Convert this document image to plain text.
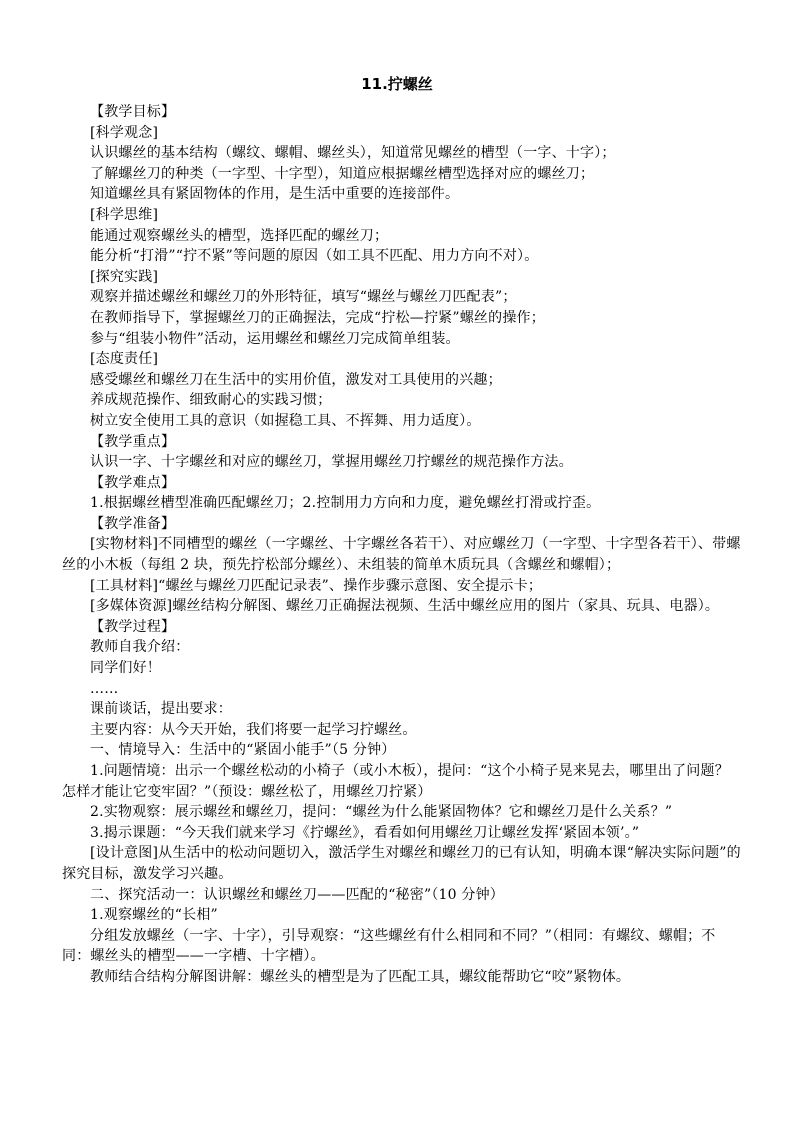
11.拧螺丝

【教学目标】

[科学观念]

认识螺丝的基本结构（螺纹、螺帽、螺丝头），知道常见螺丝的槽型（一字、十字）；

了解螺丝刀的种类（一字型、十字型），知道应根据螺丝槽型选择对应的螺丝刀；

知道螺丝具有紧固物体的作用，是生活中重要的连接部件。

[科学思维]

能通过观察螺丝头的槽型，选择匹配的螺丝刀；

能分析“打滑”“拧不紧”等问题的原因（如工具不匹配、用力方向不对）。

[探究实践]

观察并描述螺丝和螺丝刀的外形特征，填写“螺丝与螺丝刀匹配表”；

在教师指导下，掌握螺丝刀的正确握法，完成“拧松—拧紧”螺丝的操作；

参与“组装小物件”活动，运用螺丝和螺丝刀完成简单组装。

[态度责任]

感受螺丝和螺丝刀在生活中的实用价值，激发对工具使用的兴趣；

养成规范操作、细致耐心的实践习惯；

树立安全使用工具的意识（如握稳工具、不挥舞、用力适度）。

【教学重点】

认识一字、十字螺丝和对应的螺丝刀，掌握用螺丝刀拧螺丝的规范操作方法。

【教学难点】

1.根据螺丝槽型准确匹配螺丝刀；2.控制用力方向和力度，避免螺丝打滑或拧歪。

【教学准备】

[实物材料]不同槽型的螺丝（一字螺丝、十字螺丝各若干）、对应螺丝刀（一字型、十字型各若干）、带螺丝的小木板（每组 2 块，预先拧松部分螺丝）、未组装的简单木质玩具（含螺丝和螺帽）；

[工具材料]“螺丝与螺丝刀匹配记录表”、操作步骤示意图、安全提示卡；

[多媒体资源]螺丝结构分解图、螺丝刀正确握法视频、生活中螺丝应用的图片（家具、玩具、电器）。

【教学过程】

教师自我介绍：

同学们好！

……

课前谈话，提出要求：

主要内容：从今天开始，我们将要一起学习拧螺丝。

一、情境导入：生活中的“紧固小能手”（5 分钟）

1.问题情境：出示一个螺丝松动的小椅子（或小木板），提问：“这个小椅子晃来晃去，哪里出了问题？怎样才能让它变牢固？”（预设：螺丝松了，用螺丝刀拧紧）

2.实物观察：展示螺丝和螺丝刀，提问：“螺丝为什么能紧固物体？它和螺丝刀是什么关系？”

3.揭示课题：“今天我们就来学习《拧螺丝》，看看如何用螺丝刀让螺丝发挥‘紧固本领’。”

[设计意图]从生活中的松动问题切入，激活学生对螺丝和螺丝刀的已有认知，明确本课“解决实际问题”的探究目标，激发学习兴趣。

二、探究活动一：认识螺丝和螺丝刀——匹配的“秘密”（10 分钟）

1.观察螺丝的“长相”

分组发放螺丝（一字、十字），引导观察：“这些螺丝有什么相同和不同？”（相同：有螺纹、螺帽；不同：螺丝头的槽型——一字槽、十字槽）。

教师结合结构分解图讲解：螺丝头的槽型是为了匹配工具，螺纹能帮助它“咬”紧物体。
